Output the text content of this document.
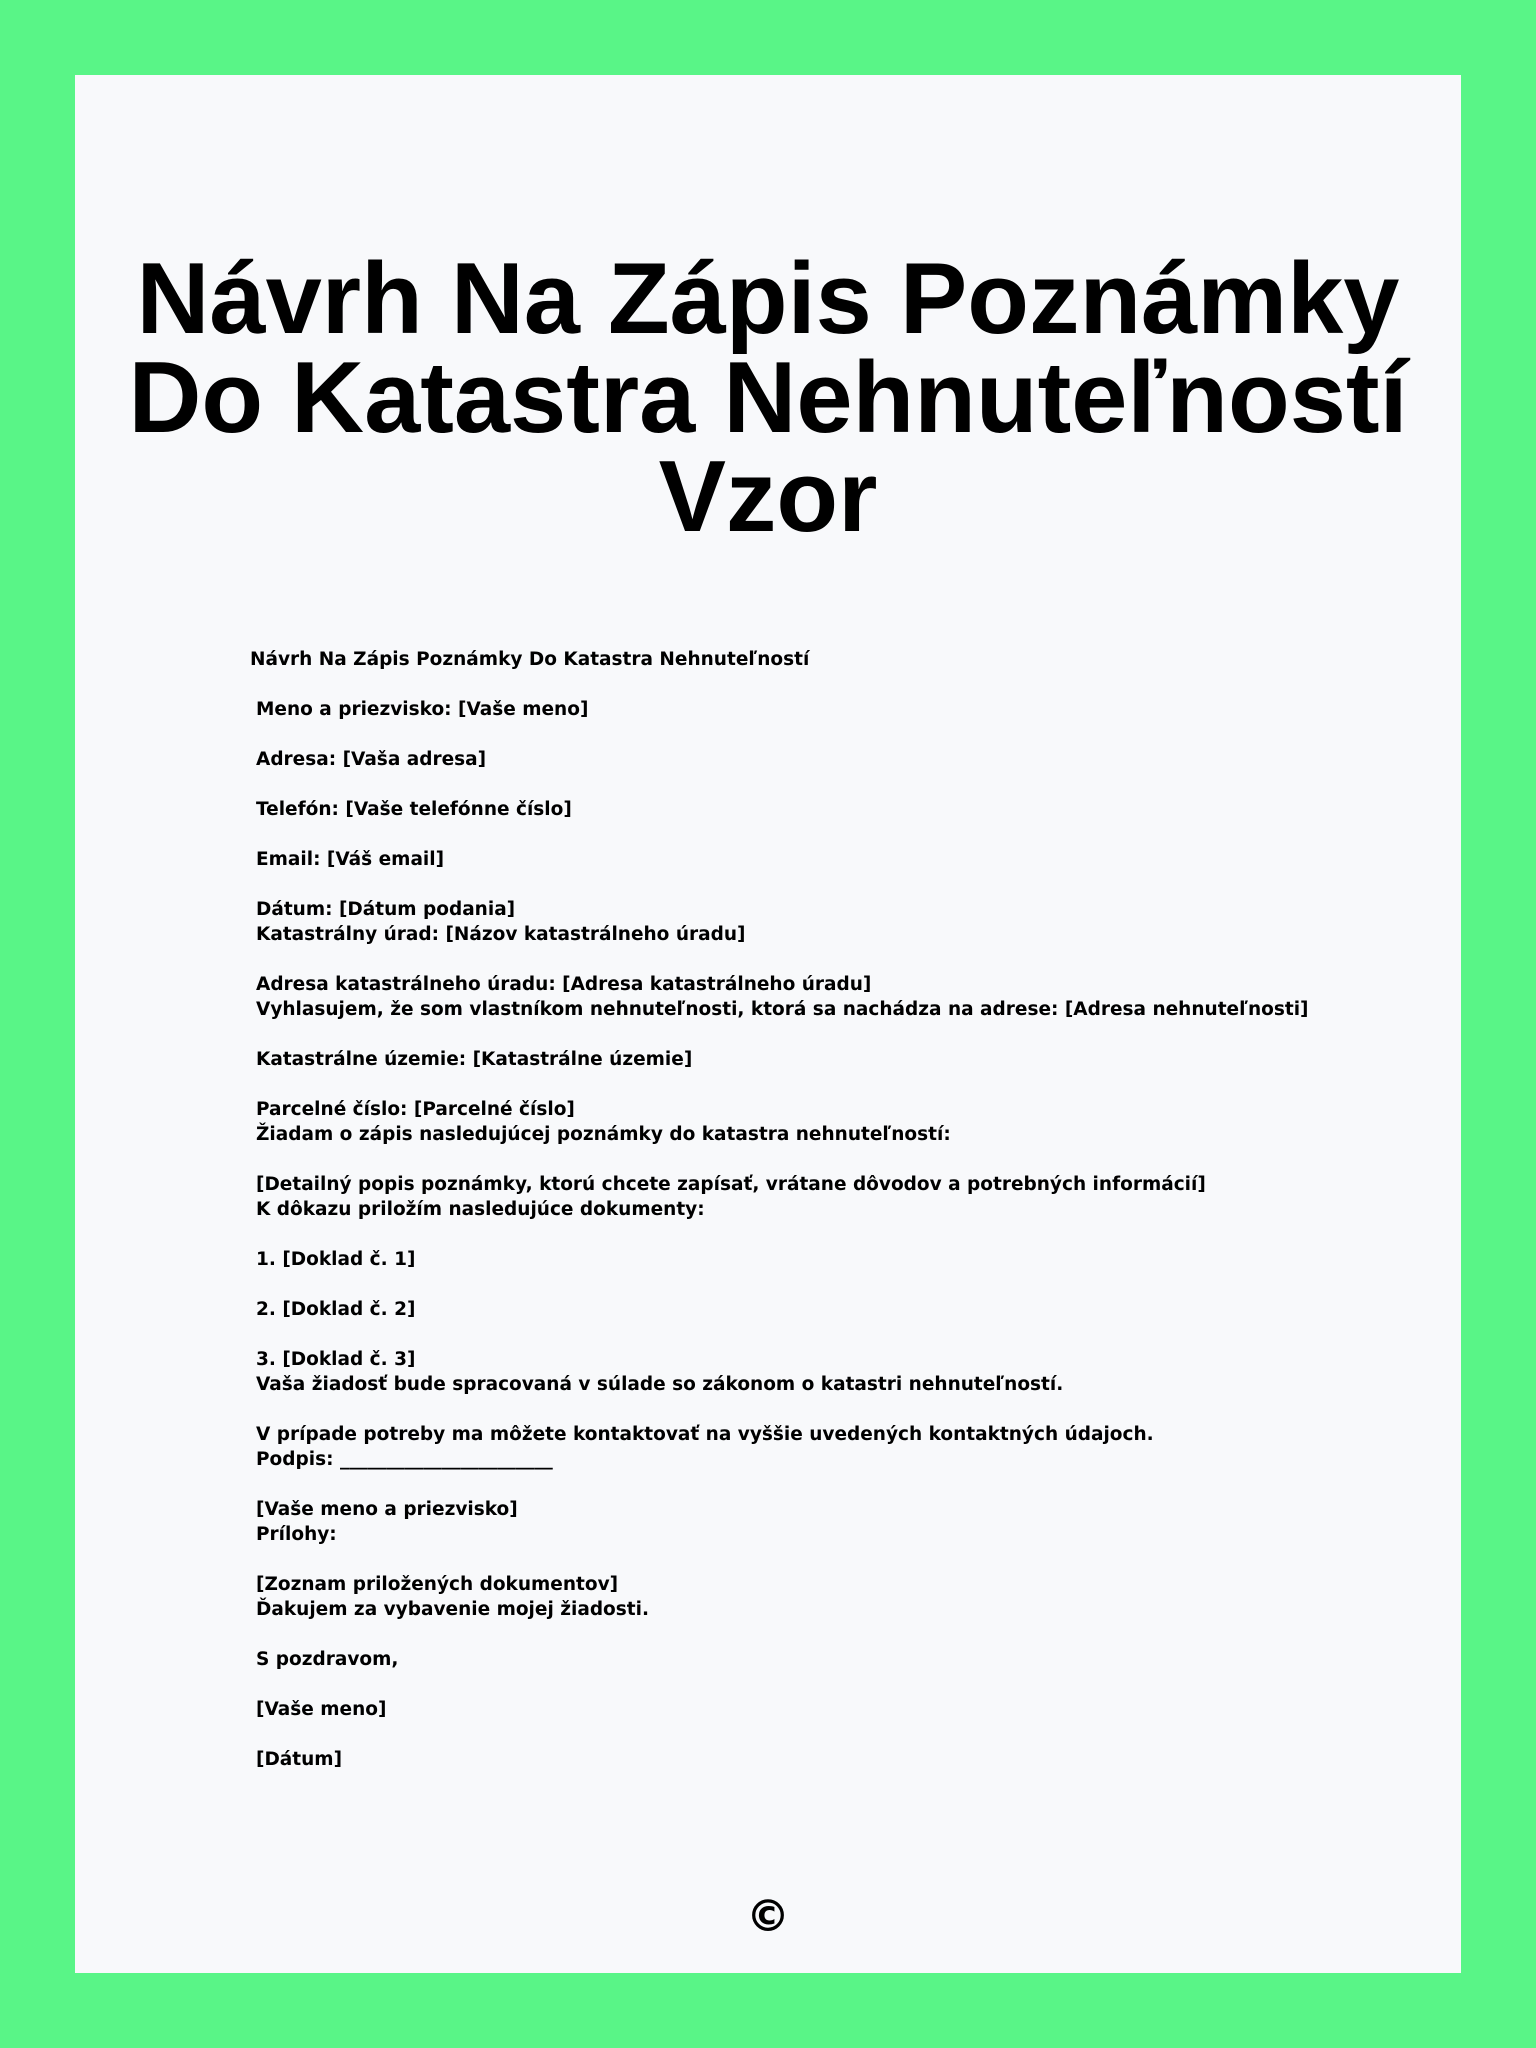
Návrh Na Zápis Poznámky
Do Katastra Nehnuteľností
Vzor
Návrh Na Zápis Poznámky Do Katastra Nehnuteľností
Meno a priezvisko: [Vaše meno]
Adresa: [Vaša adresa]
Telefón: [Vaše telefónne číslo]
Email: [Váš email]
Dátum: [Dátum podania]
Katastrálny úrad: [Názov katastrálneho úradu]
Adresa katastrálneho úradu: [Adresa katastrálneho úradu]
Vyhlasujem, že som vlastníkom nehnuteľnosti, ktorá sa nachádza na adrese: [Adresa nehnuteľnosti]
Katastrálne územie: [Katastrálne územie]
Parcelné číslo: [Parcelné číslo]
Žiadam o zápis nasledujúcej poznámky do katastra nehnuteľností:
[Detailný popis poznámky, ktorú chcete zapísať, vrátane dôvodov a potrebných informácií]
K dôkazu priložím nasledujúce dokumenty:
1. [Doklad č. 1]
2. [Doklad č. 2]
3. [Doklad č. 3]
Vaša žiadosť bude spracovaná v súlade so zákonom o katastri nehnuteľností.
V prípade potreby ma môžete kontaktovať na vyššie uvedených kontaktných údajoch.
Podpis: _______________________
[Vaše meno a priezvisko]
Prílohy:
[Zoznam priložených dokumentov]
Ďakujem za vybavenie mojej žiadosti.
S pozdravom,
[Vaše meno]
[Dátum]
©
